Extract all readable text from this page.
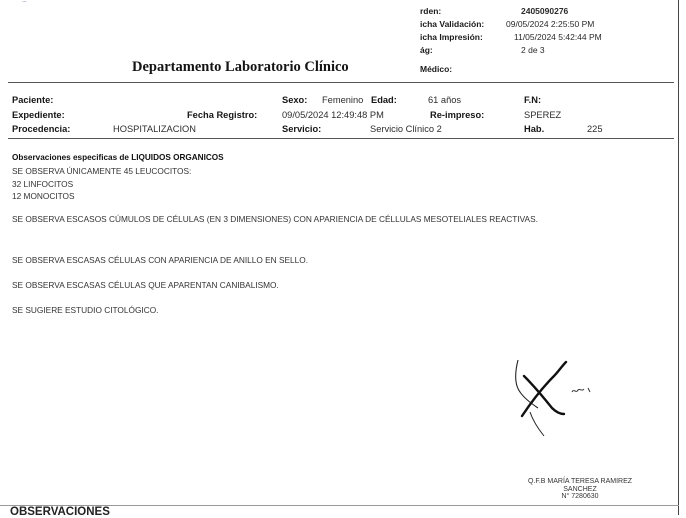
rden:	2405090276
icha Validación:	09/05/2024 2:25:50 PM
icha Impresión:	11/05/2024 5:42:44 PM
ág:	2 de 3
Médico:
Departamento Laboratorio Clínico
Paciente:	Sexo: Femenino Edad:	61 años	F.N:
Expediente:	Fecha Registro:	09/05/2024 12:49:48 PM	Re-impreso:	SPEREZ
Procedencia:	HOSPITALIZACION	Servicio:	Servicio Clínico 2	Hab.	225
Observaciones especificas de LIQUIDOS ORGANICOS
SE OBSERVA ÚNICAMENTE 45 LEUCOCITOS:
32 LINFOCITOS
12 MONOCITOS
SE OBSERVA ESCASOS CÚMULOS DE CÉLULAS (EN 3 DIMENSIONES) CON APARIENCIA DE CÉLLULAS MESOTELIALES REACTIVAS.
SE OBSERVA ESCASAS CÉLULAS CON APARIENCIA DE ANILLO EN SELLO.
SE OBSERVA ESCASAS CÉLULAS QUE APARENTAN CANIBALISMO.
SE SUGIERE ESTUDIO CITOLÓGICO.
Q.F.B MARÍA TERESA RAMIREZ
SANCHEZ
N° 7280630
OBSERVACIONES
